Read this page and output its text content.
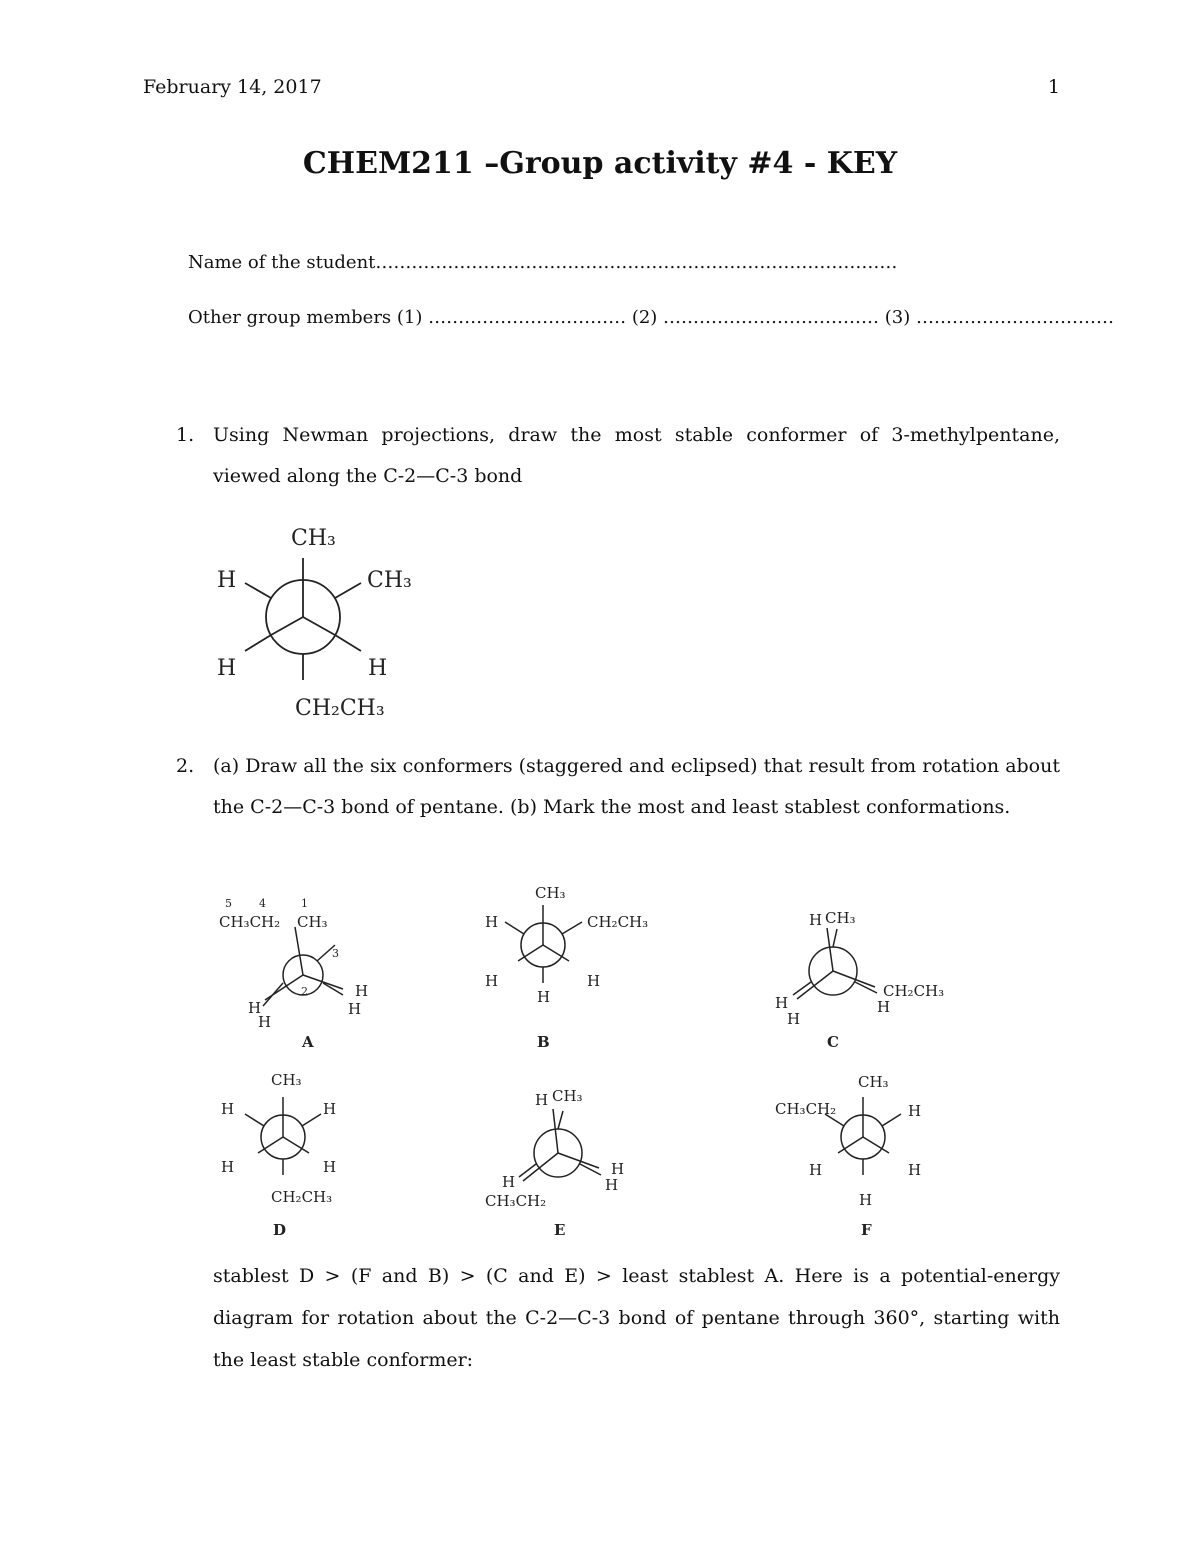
February 14, 2017	1
CHEM211 –Group activity #4 - KEY
Name of the student……………………………………………………………………………
Other group members (1) …………………………… (2) ……………………………… (3) ……………………………
1. Using Newman projections, draw the most stable conformer of 3-methylpentane, viewed along the C-2—C-3 bond
CH₃
H	CH₃
H	H
CH₂CH₃
2. (a) Draw all the six conformers (staggered and eclipsed) that result from rotation about the C-2—C-3 bond of pentane. (b) Mark the most and least stablest conformations.
5 4	1
3
2
CH₃CH₂ CH₃
H
H
H
H
A
CH₃
H	CH₂CH₃
H	H
H
B
H CH₃
CH₂CH₃
H
H
H
C
CH₃
H	H
H	H
CH₂CH₃
D
H CH₃
H
H
H
CH₃CH₂
E
CH₃
CH₃CH₂	H
H	H
H
F
stablest D > (F and B) > (C and E) > least stablest A. Here is a potential-energy diagram for rotation about the C-2—C-3 bond of pentane through 360°, starting with the least stable conformer:
